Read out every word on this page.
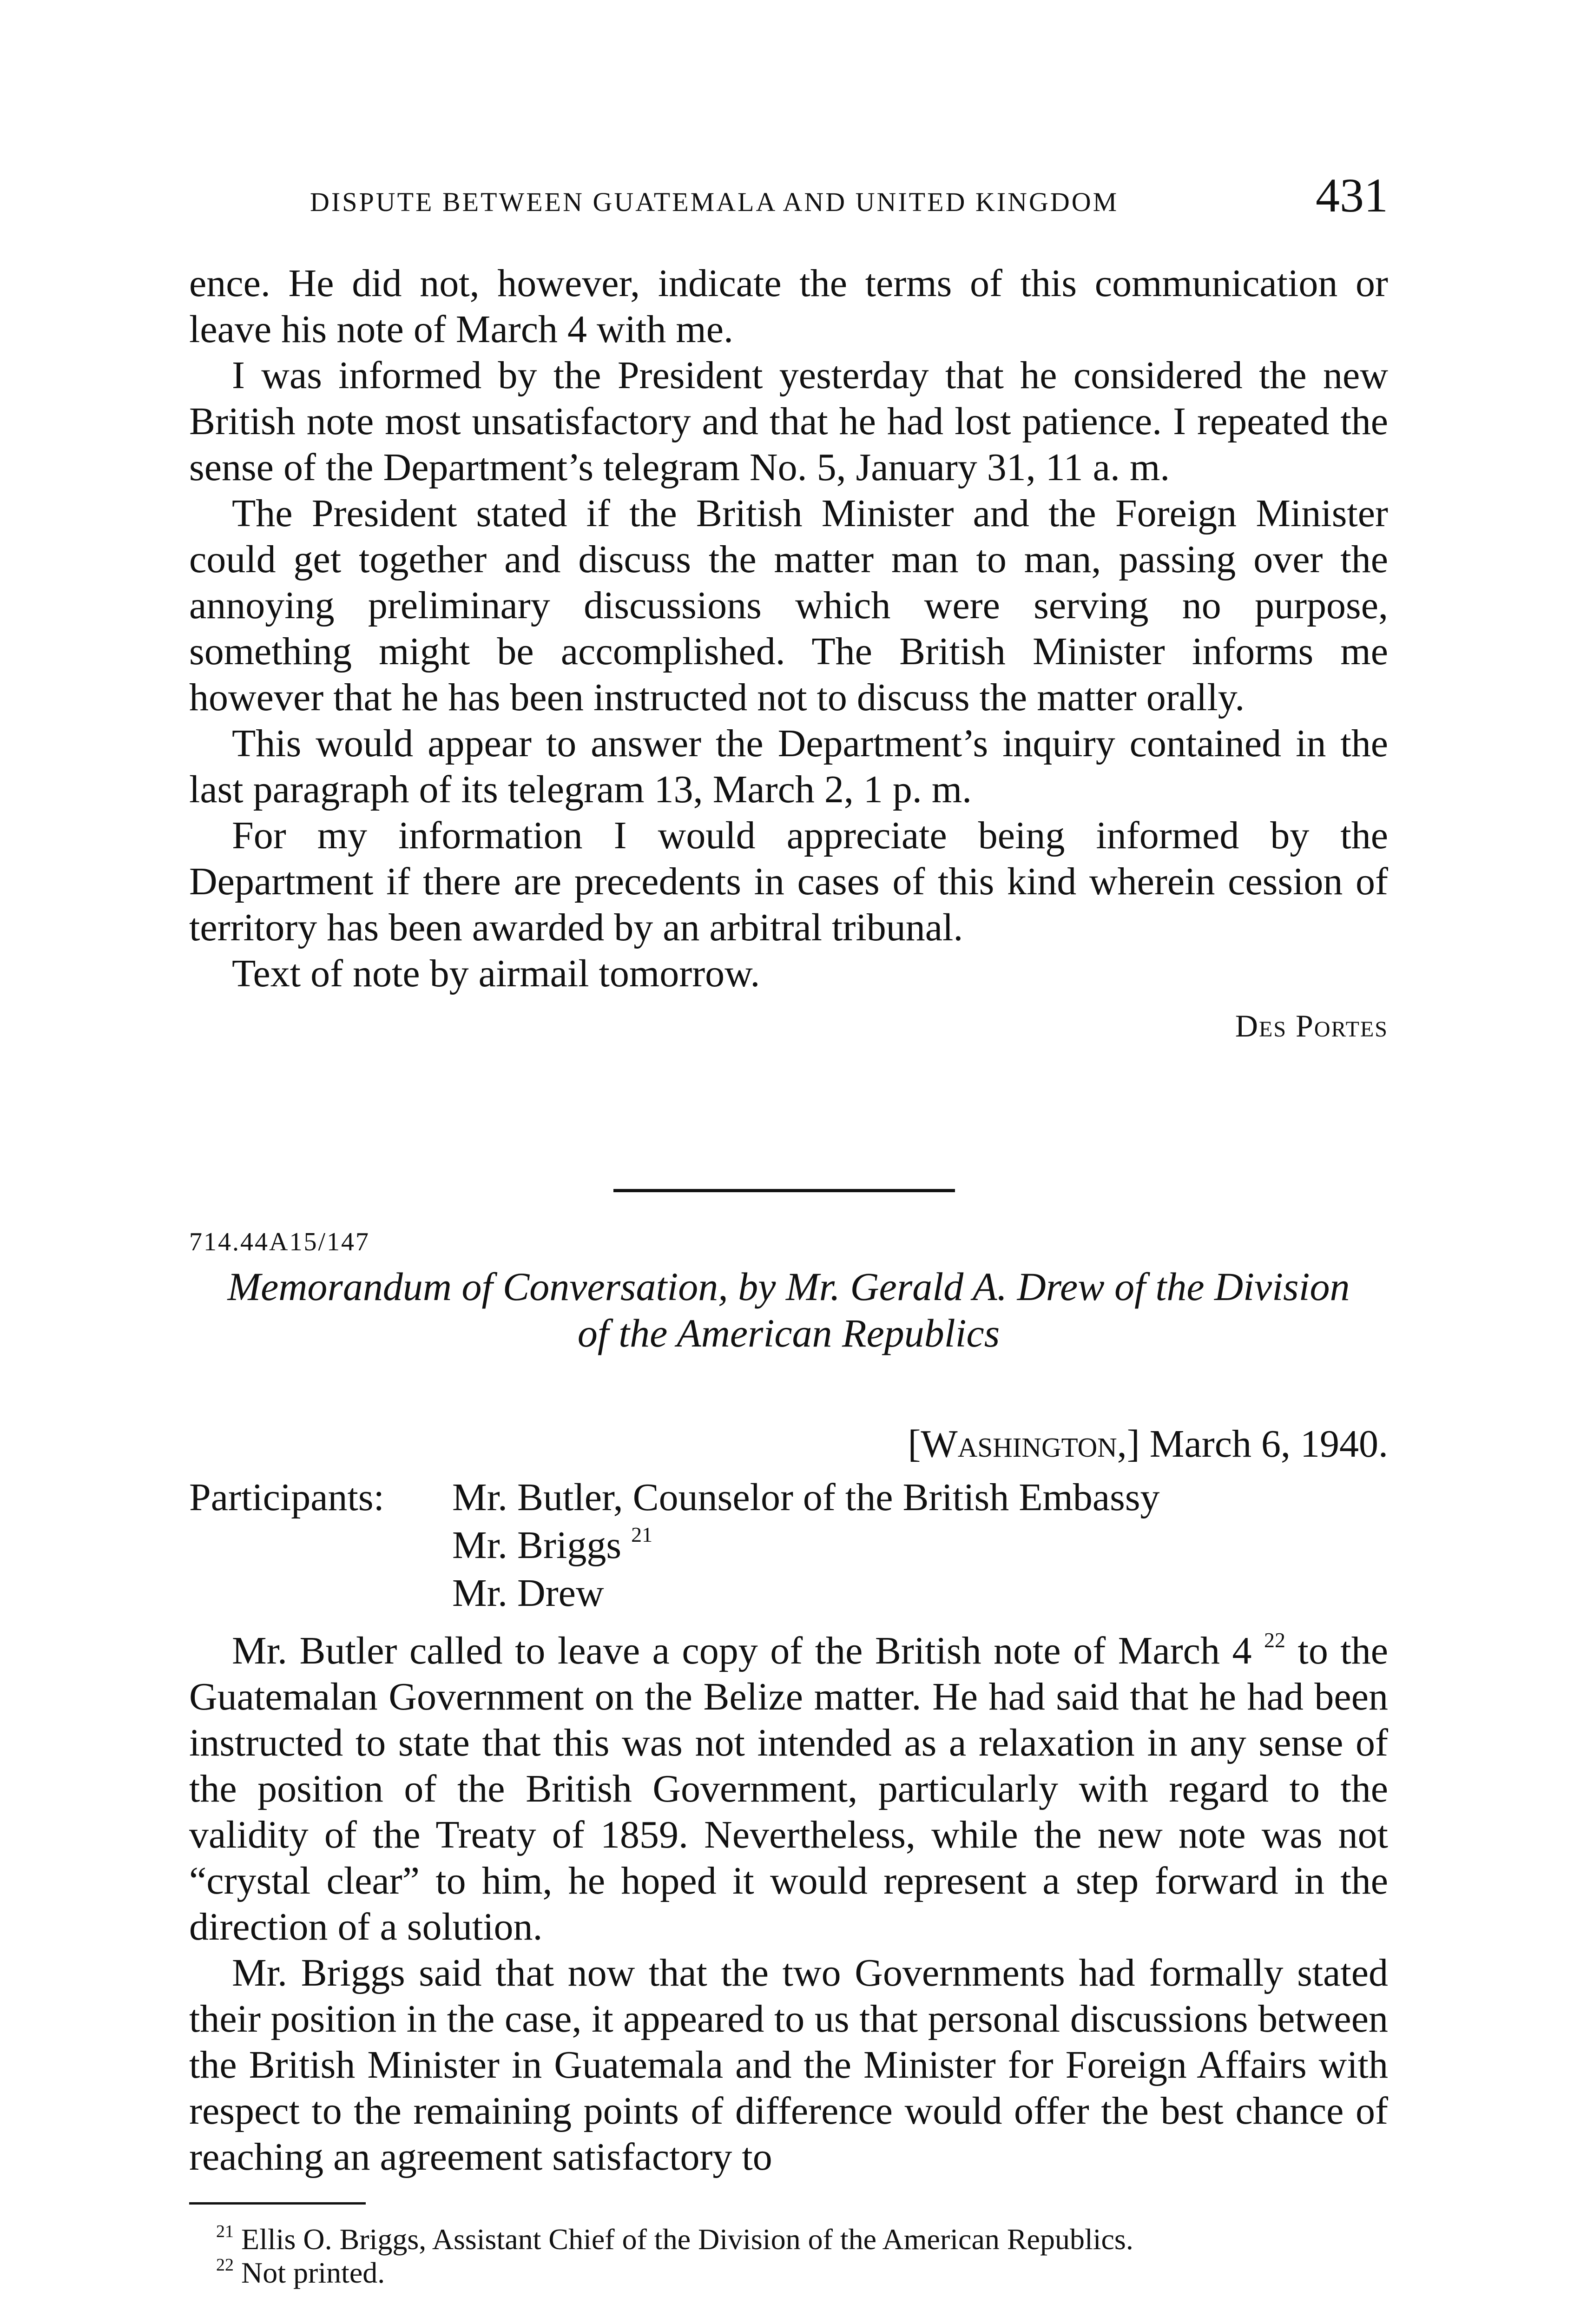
DISPUTE BETWEEN GUATEMALA AND UNITED KINGDOM	431

ence. He did not, however, indicate the terms of this communication or leave his note of March 4 with me.

I was informed by the President yesterday that he considered the new British note most unsatisfactory and that he had lost patience. I repeated the sense of the Department’s telegram No. 5, January 31, 11 a. m.

The President stated if the British Minister and the Foreign Minister could get together and discuss the matter man to man, passing over the annoying preliminary discussions which were serving no purpose, something might be accomplished. The British Minister informs me however that he has been instructed not to discuss the matter orally.

This would appear to answer the Department’s inquiry contained in the last paragraph of its telegram 13, March 2, 1 p. m.

For my information I would appreciate being informed by the Department if there are precedents in cases of this kind wherein cession of territory has been awarded by an arbitral tribunal.

Text of note by airmail tomorrow.

Des Portes
714.44A15/147
Memorandum of Conversation, by Mr. Gerald A. Drew of the Division
of the American Republics
[Washington,] March 6, 1940.
Participants: Mr. Butler, Counselor of the British Embassy
Mr. Briggs $^{21}$
Mr. Drew

Mr. Butler called to leave a copy of the British note of March 4 $^{22}$ to the Guatemalan Government on the Belize matter. He had said that he had been instructed to state that this was not intended as a relaxation in any sense of the position of the British Government, particularly with regard to the validity of the Treaty of 1859. Nevertheless, while the new note was not “crystal clear” to him, he hoped it would represent a step forward in the direction of a solution.

Mr. Briggs said that now that the two Governments had formally stated their position in the case, it appeared to us that personal discussions between the British Minister in Guatemala and the Minister for Foreign Affairs with respect to the remaining points of difference would offer the best chance of reaching an agreement satisfactory to

$^{21}$ Ellis O. Briggs, Assistant Chief of the Division of the American Republics.
$^{22}$ Not printed.
